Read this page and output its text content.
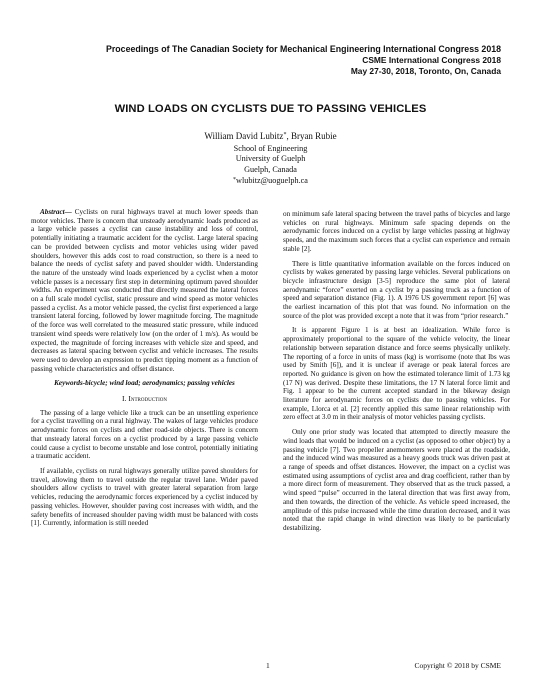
Proceedings of The Canadian Society for Mechanical Engineering International Congress 2018
CSME International Congress 2018
May 27-30, 2018, Toronto, On, Canada
WIND LOADS ON CYCLISTS DUE TO PASSING VEHICLES
William David Lubitz*, Bryan Rubie
School of Engineering
University of Guelph
Guelph, Canada
*wlubitz@uoguelph.ca

Abstract— Cyclists on rural highways travel at much lower speeds than motor vehicles. There is concern that unsteady aerodynamic loads produced as a large vehicle passes a cyclist can cause instability and loss of control, potentially initiating a traumatic accident for the cyclist. Large lateral spacing can be provided between cyclists and motor vehicles using wider paved shoulders, however this adds cost to road construction, so there is a need to balance the needs of cyclist safety and paved shoulder width. Understanding the nature of the unsteady wind loads experienced by a cyclist when a motor vehicle passes is a necessary first step in determining optimum paved shoulder widths. An experiment was conducted that directly measured the lateral forces on a full scale model cyclist, static pressure and wind speed as motor vehicles passed a cyclist. As a motor vehicle passed, the cyclist first experienced a large transient lateral forcing, followed by lower magnitude forcing. The magnitude of the force was well correlated to the measured static pressure, while induced transient wind speeds were relatively low (on the order of 1 m/s). As would be expected, the magnitude of forcing increases with vehicle size and speed, and decreases as lateral spacing between cyclist and vehicle increases. The results were used to develop an expression to predict tipping moment as a function of passing vehicle characteristics and offset distance.

Keywords-bicycle; wind load; aerodynamics; passing vehicles

I. Introduction

The passing of a large vehicle like a truck can be an unsettling experience for a cyclist travelling on a rural highway. The wakes of large vehicles produce aerodynamic forces on cyclists and other road-side objects. There is concern that unsteady lateral forces on a cyclist produced by a large passing vehicle could cause a cyclist to become unstable and lose control, potentially initiating a traumatic accident.

If available, cyclists on rural highways generally utilize paved shoulders for travel, allowing them to travel outside the regular travel lane. Wider paved shoulders allow cyclists to travel with greater lateral separation from large vehicles, reducing the aerodynamic forces experienced by a cyclist induced by passing vehicles. However, shoulder paving cost increases with width, and the safety benefits of increased shoulder paving width must be balanced with costs [1]. Currently, information is still needed

on minimum safe lateral spacing between the travel paths of bicycles and large vehicles on rural highways. Minimum safe spacing depends on the aerodynamic forces induced on a cyclist by large vehicles passing at highway speeds, and the maximum such forces that a cyclist can experience and remain stable [2].

There is little quantitative information available on the forces induced on cyclists by wakes generated by passing large vehicles. Several publications on bicycle infrastructure design [3-5] reproduce the same plot of lateral aerodynamic “force” exerted on a cyclist by a passing truck as a function of speed and separation distance (Fig. 1). A 1976 US government report [6] was the earliest incarnation of this plot that was found. No information on the source of the plot was provided except a note that it was from “prior research.”

It is apparent Figure 1 is at best an idealization. While force is approximately proportional to the square of the vehicle velocity, the linear relationship between separation distance and force seems physically unlikely. The reporting of a force in units of mass (kg) is worrisome (note that lbs was used by Smith [6]), and it is unclear if average or peak lateral forces are reported. No guidance is given on how the estimated tolerance limit of 1.73 kg (17 N) was derived. Despite these limitations, the 17 N lateral force limit and Fig. 1 appear to be the current accepted standard in the bikeway design literature for aerodynamic forces on cyclists due to passing vehicles. For example, Llorca et al. [2] recently applied this same linear relationship with zero effect at 3.0 m in their analysis of motor vehicles passing cyclists.

Only one prior study was located that attempted to directly measure the wind loads that would be induced on a cyclist (as opposed to other object) by a passing vehicle [7]. Two propeller anemometers were placed at the roadside, and the induced wind was measured as a heavy goods truck was driven past at a range of speeds and offset distances. However, the impact on a cyclist was estimated using assumptions of cyclist area and drag coefficient, rather than by a more direct form of measurement. They observed that as the truck passed, a wind speed “pulse” occurred in the lateral direction that was first away from, and then towards, the direction of the vehicle. As vehicle speed increased, the amplitude of this pulse increased while the time duration decreased, and it was noted that the rapid change in wind direction was likely to be particularly destabilizing.

1	Copyright © 2018 by CSME
